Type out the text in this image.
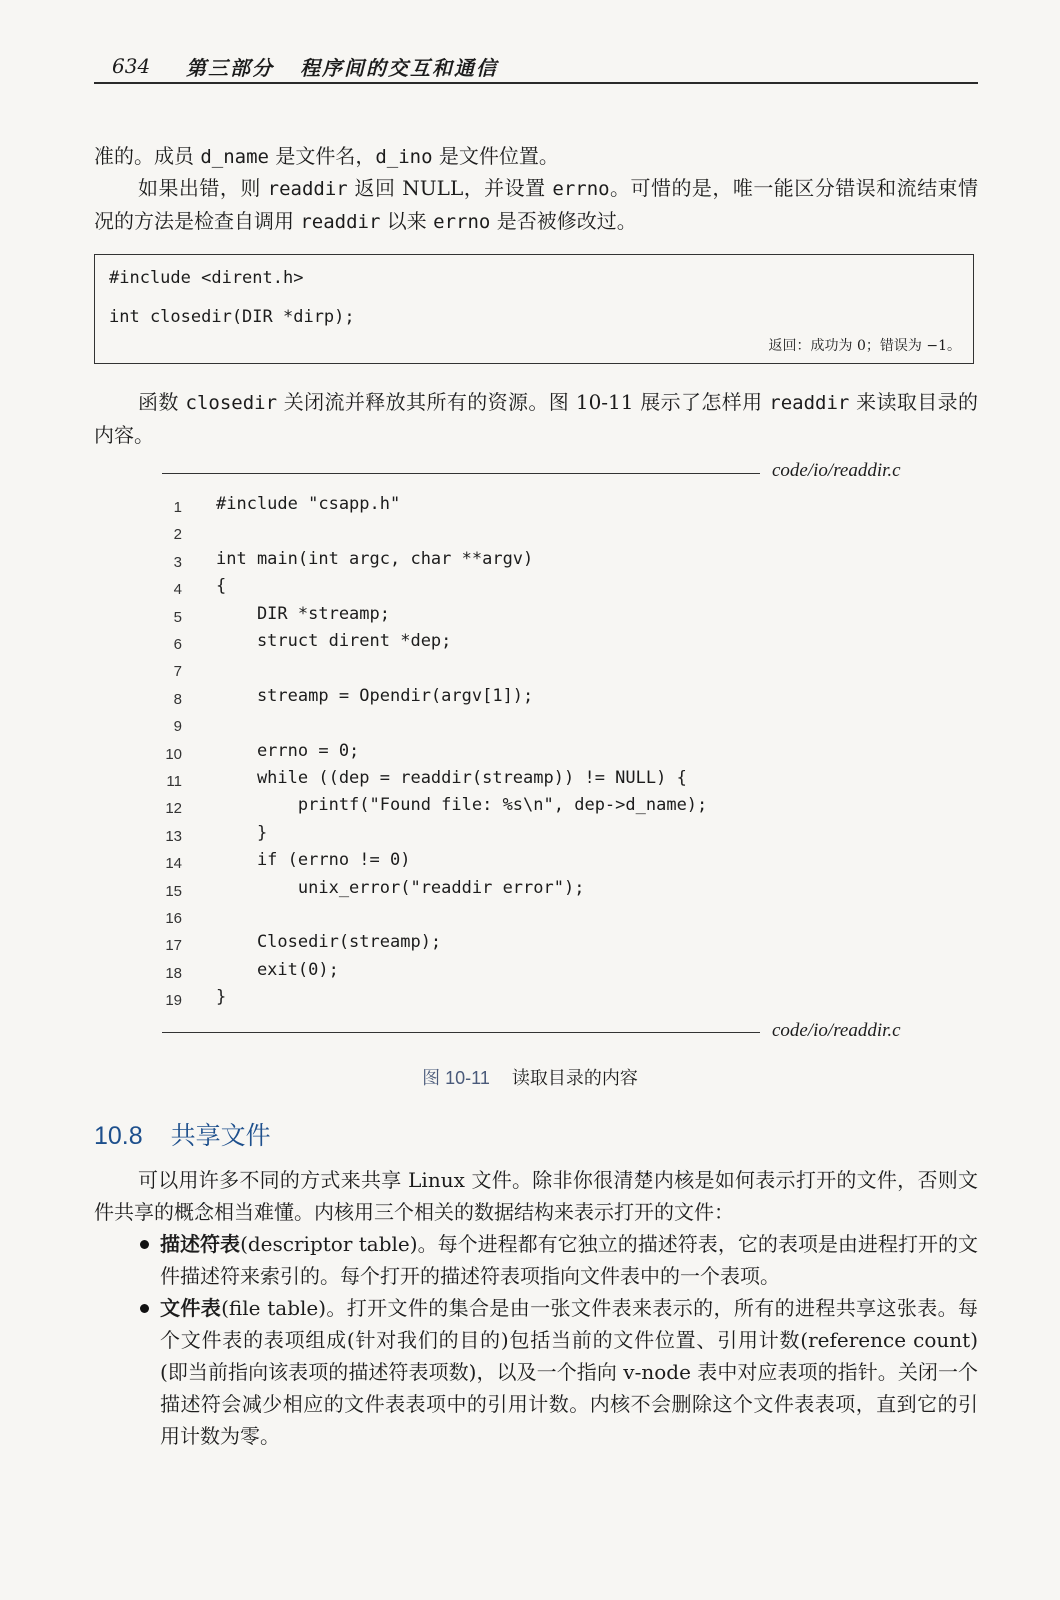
634 第三部分 程序间的交互和通信
准的。成员 d_name 是文件名，d_ino 是文件位置。
如果出错，则 readdir 返回 NULL，并设置 errno。可惜的是，唯一能区分错误和流结束情况的方法是检查自调用 readdir 以来 errno 是否被修改过。
#include <dirent.h>
int closedir(DIR *dirp);
返回：成功为 0；错误为 −1。
函数 closedir 关闭流并释放其所有的资源。图 10-11 展示了怎样用 readdir 来读取目录的内容。
code/io/readdir.c
1 #include "csapp.h"
2
3 int main(int argc, char **argv)
4 {
5 DIR *streamp;
6 struct dirent *dep;
7
8 streamp = Opendir(argv[1]);
9
10 errno = 0;
11 while ((dep = readdir(streamp)) != NULL) {
12 printf("Found file: %s\n", dep->d_name);
13 }
14 if (errno != 0)
15 unix_error("readdir error");
16
17 Closedir(streamp);
18 exit(0);
19 }
code/io/readdir.c
图 10-11 读取目录的内容
10.8 共享文件
可以用许多不同的方式来共享 Linux 文件。除非你很清楚内核是如何表示打开的文件，否则文件共享的概念相当难懂。内核用三个相关的数据结构来表示打开的文件：
描述符表(descriptor table)。每个进程都有它独立的描述符表，它的表项是由进程打开的文件描述符来索引的。每个打开的描述符表项指向文件表中的一个表项。
文件表(file table)。打开文件的集合是由一张文件表来表示的，所有的进程共享这张表。每个文件表的表项组成(针对我们的目的)包括当前的文件位置、引用计数(reference count)(即当前指向该表项的描述符表项数)，以及一个指向 v-node 表中对应表项的指针。关闭一个描述符会减少相应的文件表表项中的引用计数。内核不会删除这个文件表表项，直到它的引用计数为零。
